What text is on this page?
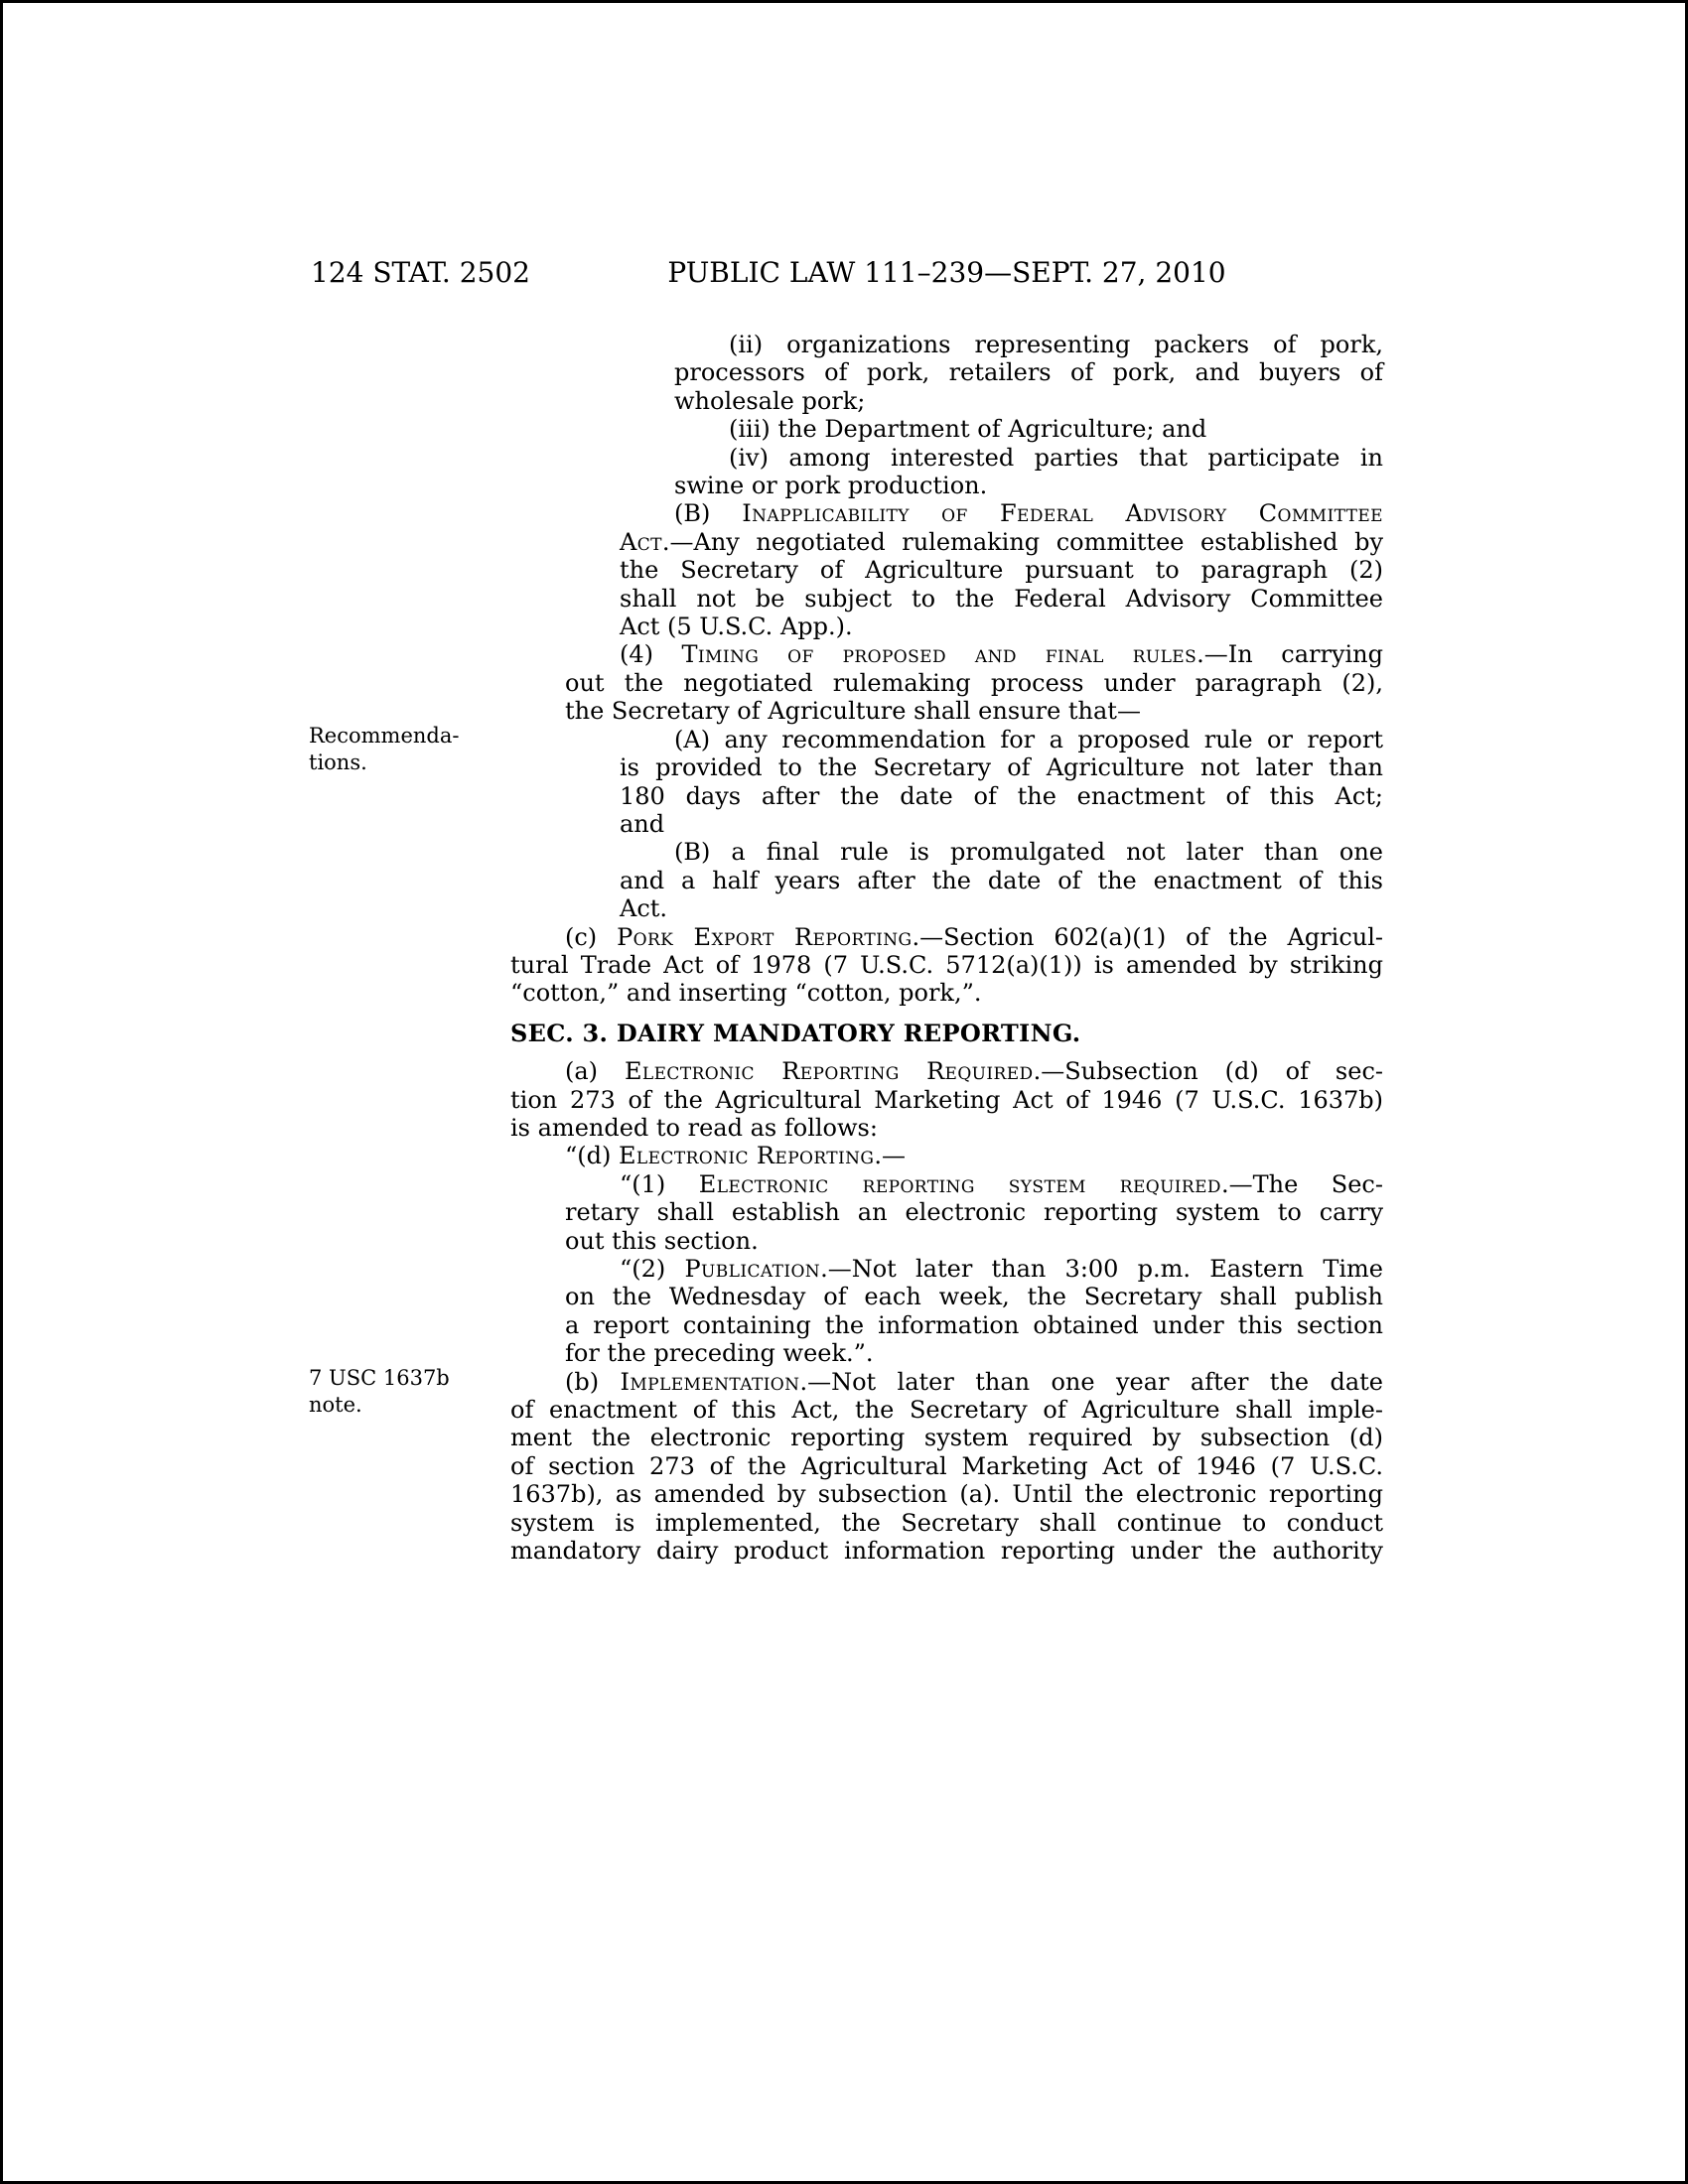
124 STAT. 2502	PUBLIC LAW 111–239—SEPT. 27, 2010
Recommenda-
tions.
7 USC 1637b
note.
(ii) organizations representing packers of pork,
processors of pork, retailers of pork, and buyers of
wholesale pork;
(iii) the Department of Agriculture; and
(iv) among interested parties that participate in
swine or pork production.
(B) Inapplicability of Federal Advisory Committee
Act.—Any negotiated rulemaking committee established by
the Secretary of Agriculture pursuant to paragraph (2)
shall not be subject to the Federal Advisory Committee
Act (5 U.S.C. App.).
(4) Timing of proposed and final rules.—In carrying
out the negotiated rulemaking process under paragraph (2),
the Secretary of Agriculture shall ensure that—
(A) any recommendation for a proposed rule or report
is provided to the Secretary of Agriculture not later than
180 days after the date of the enactment of this Act;
and
(B) a final rule is promulgated not later than one
and a half years after the date of the enactment of this
Act.
(c) Pork Export Reporting.—Section 602(a)(1) of the Agricul-
tural Trade Act of 1978 (7 U.S.C. 5712(a)(1)) is amended by striking
“cotton,” and inserting “cotton, pork,”.
SEC. 3. DAIRY MANDATORY REPORTING.
(a) Electronic Reporting Required.—Subsection (d) of sec-
tion 273 of the Agricultural Marketing Act of 1946 (7 U.S.C. 1637b)
is amended to read as follows:
“(d) Electronic Reporting.—
“(1) Electronic reporting system required.—The Sec-
retary shall establish an electronic reporting system to carry
out this section.
“(2) Publication.—Not later than 3:00 p.m. Eastern Time
on the Wednesday of each week, the Secretary shall publish
a report containing the information obtained under this section
for the preceding week.”.
(b) Implementation.—Not later than one year after the date
of enactment of this Act, the Secretary of Agriculture shall imple-
ment the electronic reporting system required by subsection (d)
of section 273 of the Agricultural Marketing Act of 1946 (7 U.S.C.
1637b), as amended by subsection (a). Until the electronic reporting
system is implemented, the Secretary shall continue to conduct
mandatory dairy product information reporting under the authority
